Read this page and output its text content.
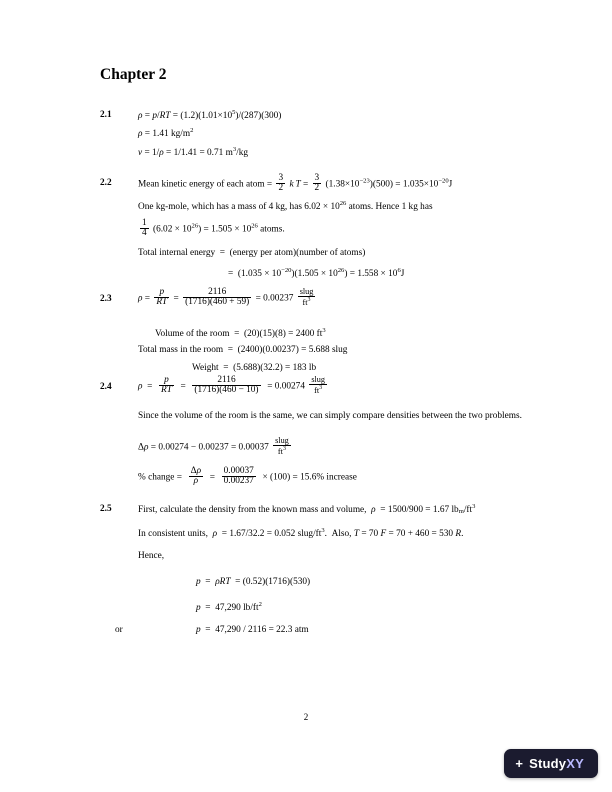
Chapter 2
2.1	$\rho = p/RT = (1.2)(1.01\times 10^5)/(287)(300)$
ρ = 1.41 $kg/m^2$
v = 1/ρ = 1/1.41 = 0.71 $m^3/kg$
2.2	Mean kinetic energy of each atom = $\frac{3}{2}$ k  $T = \frac{3}{2} (1.38\times 10^{-23})(500) = 1.035\times 10^{-20}J$
One kg-mole, which has a mass of 4 kg, has $6.02 \times 10^{26}$ atoms. Hence 1 kg has
$\frac{1}{4} (6.02 \times 10^{26}) = 1.505 \times 10^{26}$ atoms.
Total internal energy  =  (energy per atom)(number of atoms)
=  $(1.035 \times 10^{-20})(1.505 \times 10^{26}) = 1.558 \times 10^6J$
2.3	$\rho = \frac{p}{RT} = \frac{2116}{(1716)(460 + 59)} = 0.00237 \frac{\text{slug}}{ft^3}$
Volume of the room  =  (20)(15)(8) = 2400 $ft^3$
Total mass in the room  =  (2400)(0.00237) = 5.688 slug
Weight  =  (5.688)(32.2) = 183 lb
2.4	$\rho = \frac{p}{RT} = \frac{2116}{(1716)(460 - 10)} = 0.00274 \frac{\text{slug}}{ft^3}$
Since the volume of the room is the same, we can simply compare densities between the two problems.
$\Delta\rho = 0.00274 - 0.00237 = 0.00037 \frac{\text{slug}}{ft^3}$
% change = $\frac{\Delta\rho}{\rho} = \frac{0.00037}{0.00237} \times (100) = 15.6\%$ increase
2.5	First, calculate the density from the known mass and volume,  ρ  = 1500/900 = 1.67 $lb_m/ft^3$
In consistent units,  ρ  = 1.67/32.2 = 0.052 slug/$ft^3$.  Also, T = 70 F = 70 + 460 = 530 R.
Hence,
p  =  ρRT  = (0.52)(1716)(530)
p  =  47,290 $lb/ft^2$
or	p  =  47,290 / 2116 = 22.3 atm
2
+ StudyXY
